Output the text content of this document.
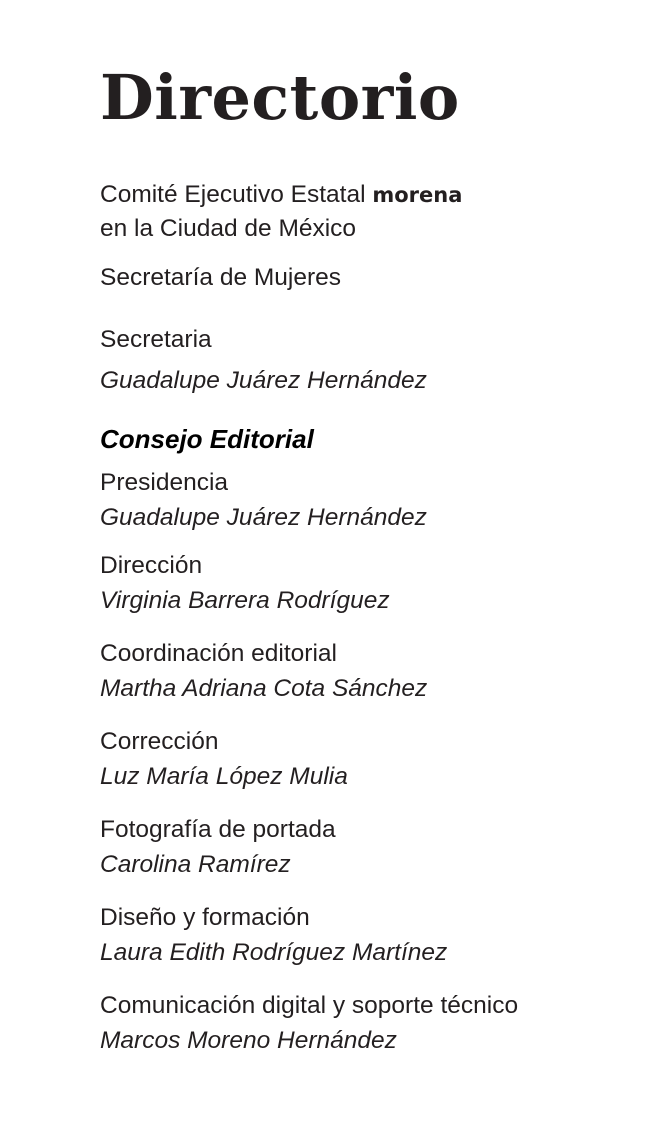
Directorio

Comité Ejecutivo Estatal morena

en la Ciudad de México

Secretaría de Mujeres

Secretaria

Guadalupe Juárez Hernández

Consejo Editorial

Presidencia

Guadalupe Juárez Hernández

Dirección

Virginia Barrera Rodríguez

Coordinación editorial

Martha Adriana Cota Sánchez

Corrección

Luz María López Mulia

Fotografía de portada

Carolina Ramírez

Diseño y formación

Laura Edith Rodríguez Martínez

Comunicación digital y soporte técnico

Marcos Moreno Hernández
